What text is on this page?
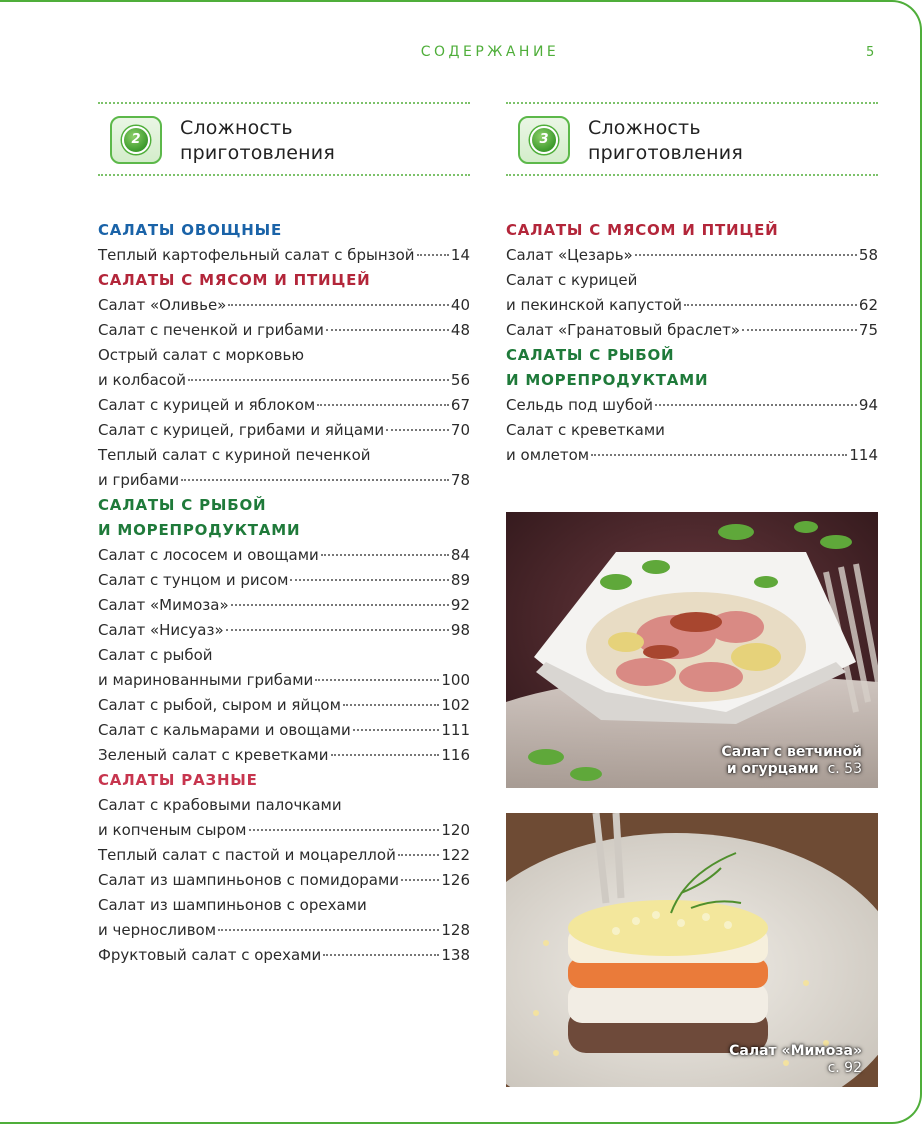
СОДЕРЖАНИЕ	5
2
Сложность
приготовления
3
Сложность
приготовления
САЛАТЫ ОВОЩНЫЕ
Теплый картофельный салат с брынзой 14
САЛАТЫ С МЯСОМ И ПТИЦЕЙ
Салат «Оливье»	40
Салат с печенкой и грибами	48
Острый салат с морковью
и колбасой	56
Салат с курицей и яблоком	67
Салат с курицей, грибами и яйцами	70
Теплый салат с куриной печенкой
и грибами	78
САЛАТЫ С РЫБОЙ
И МОРЕПРОДУКТАМИ
Салат с лососем и овощами	84
Салат с тунцом и рисом	89
Салат «Мимоза»	92
Салат «Нисуаз»	98
Салат с рыбой
и маринованными грибами	100
Салат с рыбой, сыром и яйцом	102
Салат с кальмарами и овощами	111
Зеленый салат с креветками	116
САЛАТЫ РАЗНЫЕ
Салат с крабовыми палочками
и копченым сыром	120
Теплый салат с пастой и моцареллой	122
Салат из шампиньонов с помидорами	126
Салат из шампиньонов с орехами
и черносливом	128
Фруктовый салат с орехами	138
САЛАТЫ С МЯСОМ И ПТИЦЕЙ
Салат «Цезарь»	58
Салат с курицей
и пекинской капустой	62
Салат «Гранатовый браслет»	75
САЛАТЫ С РЫБОЙ
И МОРЕПРОДУКТАМИ
Сельдь под шубой	94
Салат с креветками
и омлетом	114
Салат с ветчиной
и огурцами с. 53
Салат «Мимоза»
с. 92
